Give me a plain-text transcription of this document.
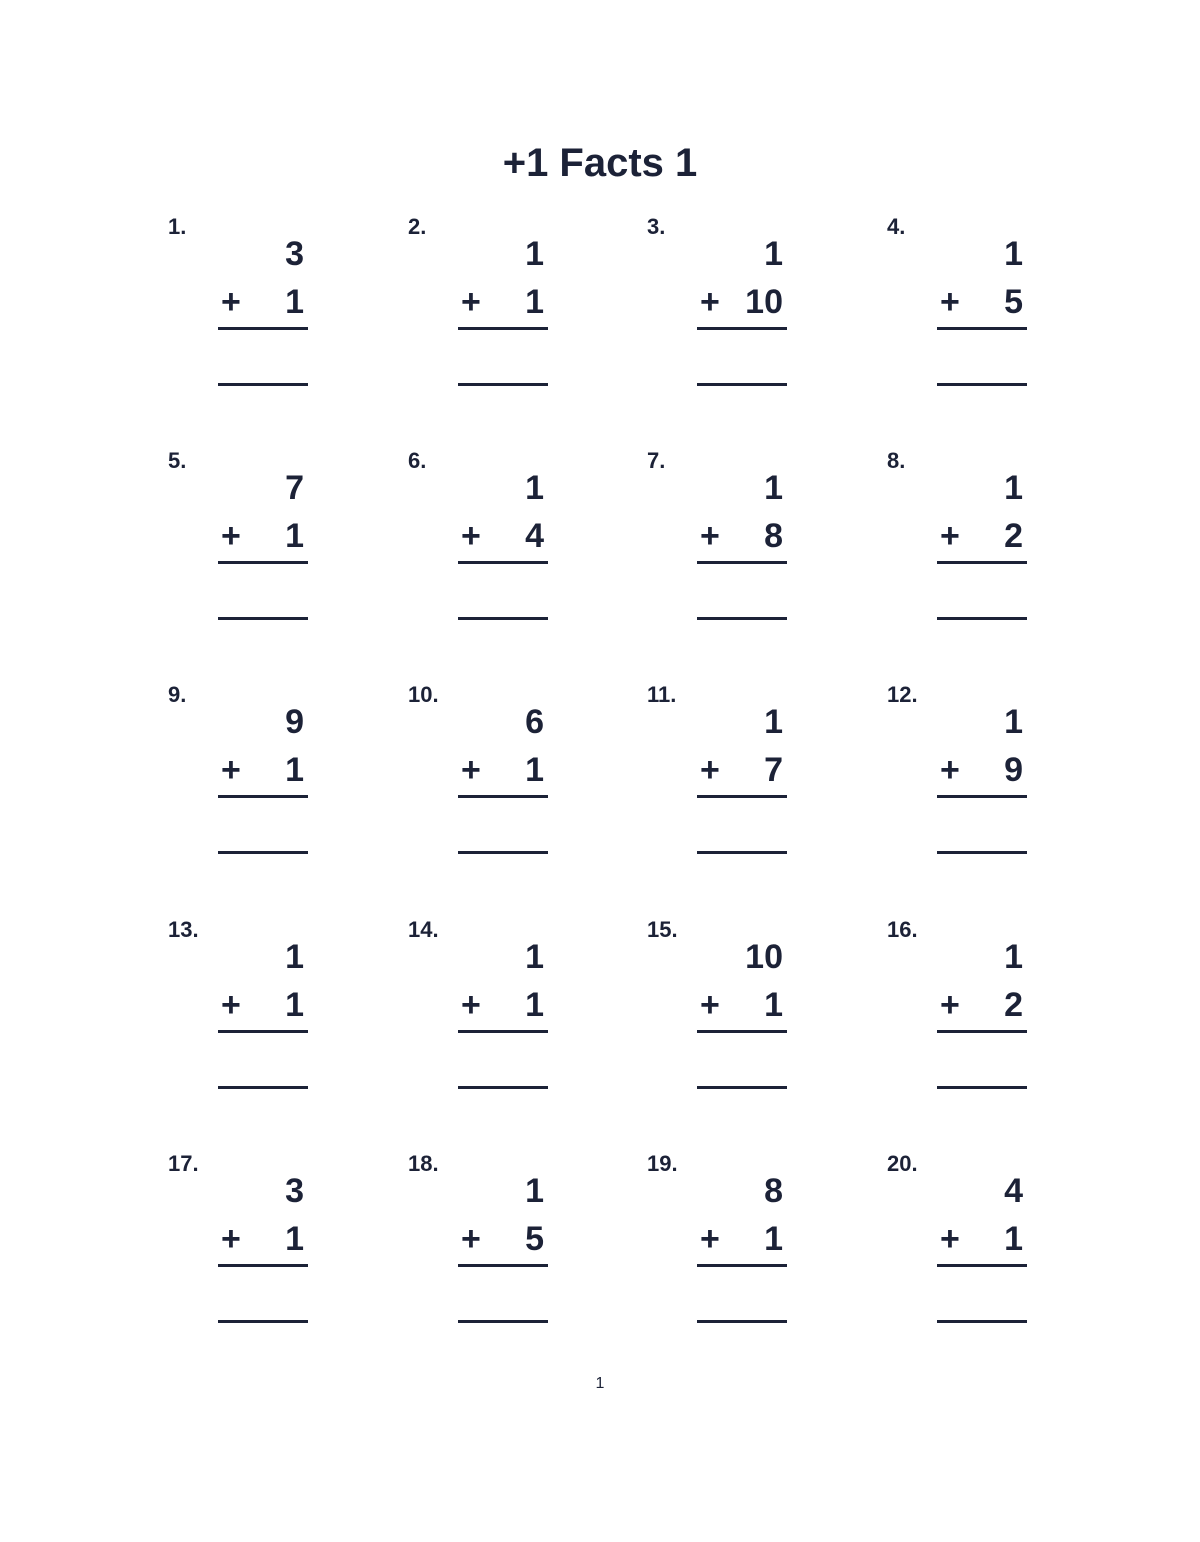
+1 Facts 1
1.
3
+ 1
2.
1
+ 1
3.
1
+ 10
4.
1
+ 5
5.
7
+ 1
6.
1
+ 4
7.
1
+ 8
8.
1
+ 2
9.
9
+ 1
10.
6
+ 1
11.
1
+ 7
12.
1
+ 9
13.
1
+ 1
14.
1
+ 1
15.
10
+ 1
16.
1
+ 2
17.
3
+ 1
18.
1
+ 5
19.
8
+ 1
20.
4
+ 1
1
